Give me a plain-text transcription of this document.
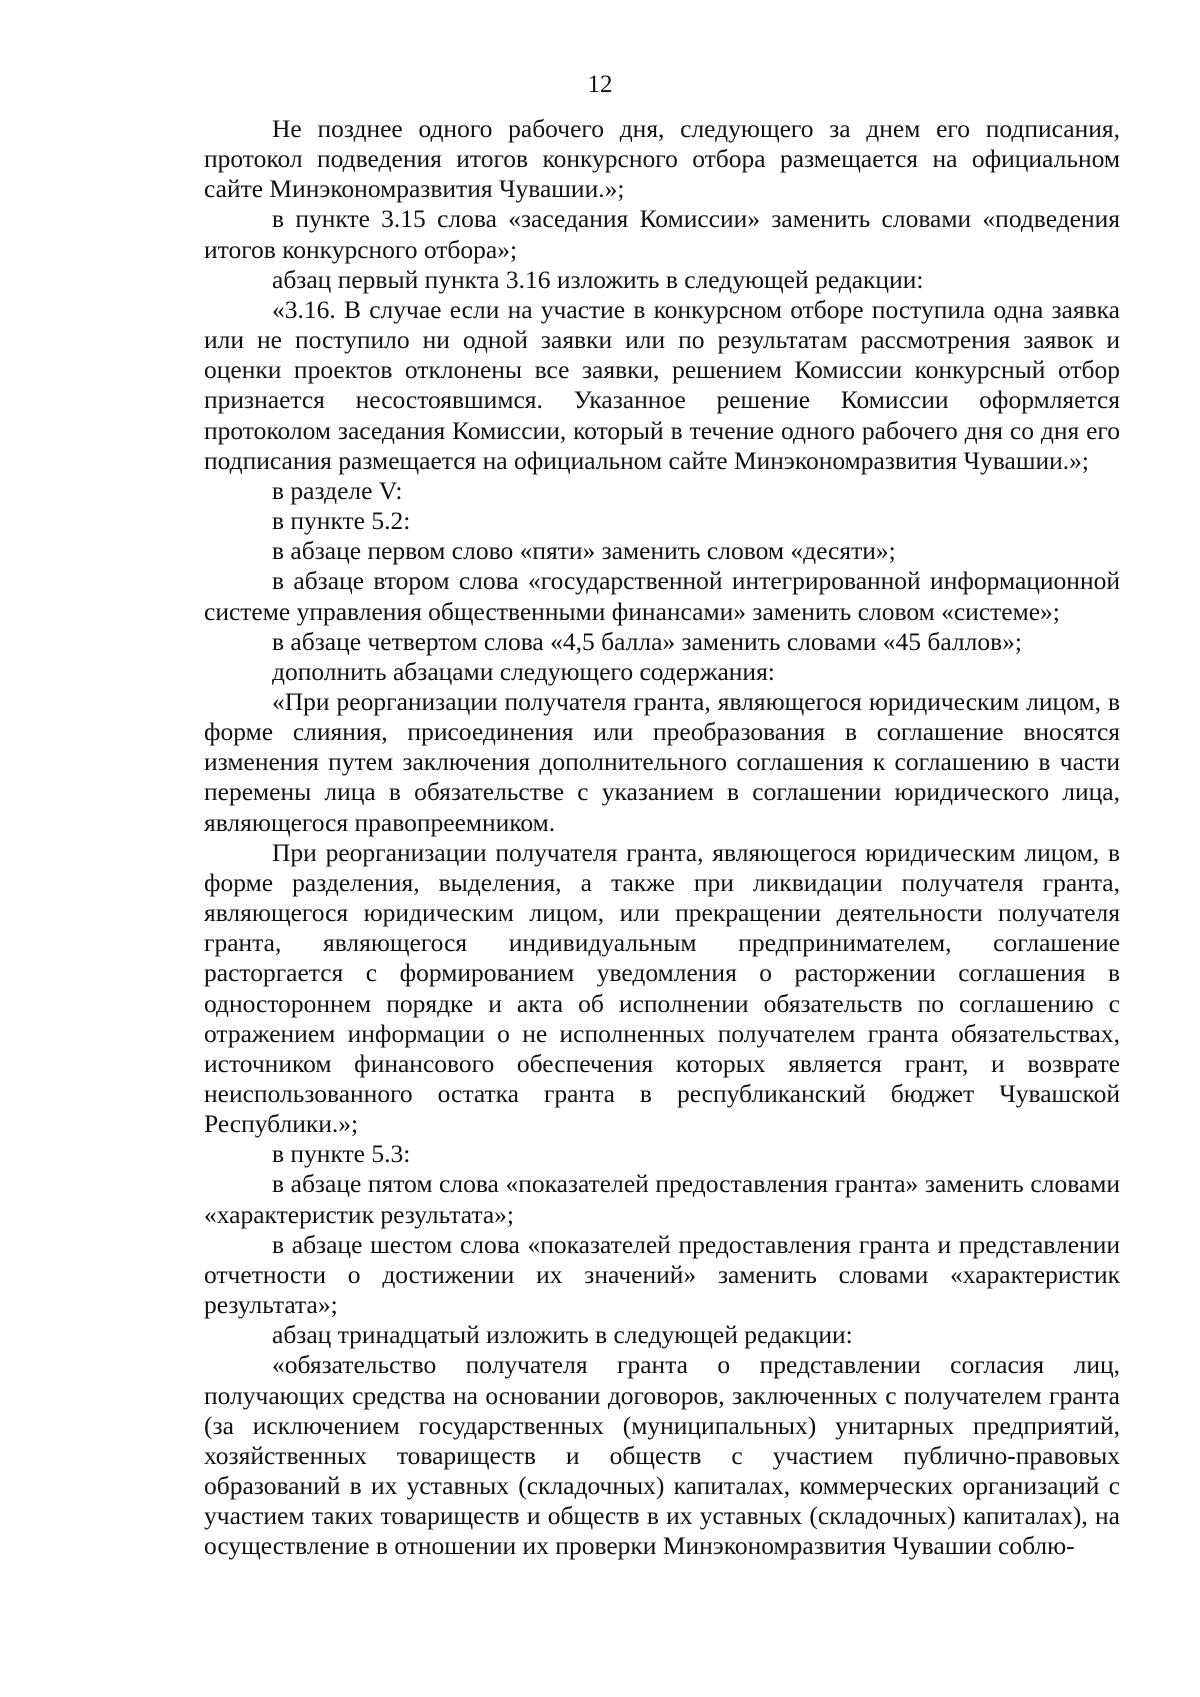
12

Не позднее одного рабочего дня, следующего за днем его подписания, протокол подведения итогов конкурсного отбора размещается на официальном сайте Минэкономразвития Чувашии.»;

в пункте 3.15 слова «заседания Комиссии» заменить словами «подведения итогов конкурсного отбора»;

абзац первый пункта 3.16 изложить в следующей редакции:

«3.16. В случае если на участие в конкурсном отборе поступила одна заявка или не поступило ни одной заявки или по результатам рассмотрения заявок и оценки проектов отклонены все заявки, решением Комиссии конкурсный отбор признается несостоявшимся. Указанное решение Комиссии оформляется протоколом заседания Комиссии, который в течение одного рабочего дня со дня его подписания размещается на официальном сайте Минэкономразвития Чувашии.»;

в разделе V:

в пункте 5.2:

в абзаце первом слово «пяти» заменить словом «десяти»;

в абзаце втором слова «государственной интегрированной информационной системе управления общественными финансами» заменить словом «системе»;

в абзаце четвертом слова «4,5 балла» заменить словами «45 баллов»;

дополнить абзацами следующего содержания:

«При реорганизации получателя гранта, являющегося юридическим лицом, в форме слияния, присоединения или преобразования в соглашение вносятся изменения путем заключения дополнительного соглашения к соглашению в части перемены лица в обязательстве с указанием в соглашении юридического лица, являющегося правопреемником.

При реорганизации получателя гранта, являющегося юридическим лицом, в форме разделения, выделения, а также при ликвидации получателя гранта, являющегося юридическим лицом, или прекращении деятельности получателя гранта, являющегося индивидуальным предпринимателем, соглашение расторгается с формированием уведомления о расторжении соглашения в одностороннем порядке и акта об исполнении обязательств по соглашению с отражением информации о не исполненных получателем гранта обязательствах, источником финансового обеспечения которых является грант, и возврате неиспользованного остатка гранта в республиканский бюджет Чувашской Республики.»;

в пункте 5.3:

в абзаце пятом слова «показателей предоставления гранта» заменить словами «характеристик результата»;

в абзаце шестом слова «показателей предоставления гранта и представлении отчетности о достижении их значений» заменить словами «характеристик результата»;

абзац тринадцатый изложить в следующей редакции:

«обязательство получателя гранта о представлении согласия лиц, получающих средства на основании договоров, заключенных с получателем гранта (за исключением государственных (муниципальных) унитарных предприятий, хозяйственных товариществ и обществ с участием публично-правовых образований в их уставных (складочных) капиталах, коммерческих организаций с участием таких товариществ и обществ в их уставных (складочных) капиталах), на осуществление в отношении их проверки Минэкономразвития Чувашии соблю-
